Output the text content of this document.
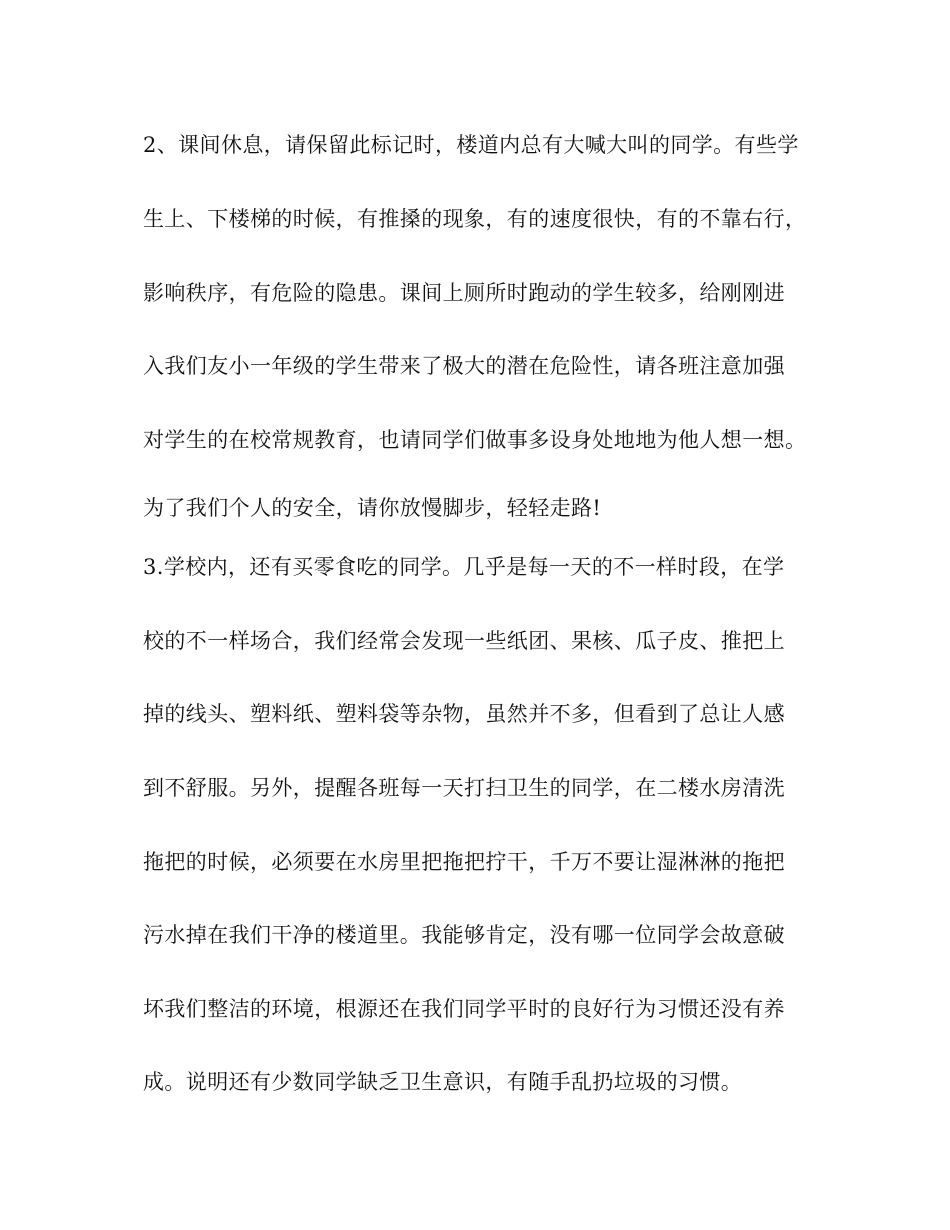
2、课间休息，请保留此标记时，楼道内总有大喊大叫的同学。有些学
生上、下楼梯的时候，有推搡的现象，有的速度很快，有的不靠右行，
影响秩序，有危险的隐患。课间上厕所时跑动的学生较多，给刚刚进
入我们友小一年级的学生带来了极大的潜在危险性，请各班注意加强
对学生的在校常规教育，也请同学们做事多设身处地地为他人想一想。
为了我们个人的安全，请你放慢脚步，轻轻走路!
3.学校内，还有买零食吃的同学。几乎是每一天的不一样时段，在学
校的不一样场合，我们经常会发现一些纸团、果核、瓜子皮、推把上
掉的线头、塑料纸、塑料袋等杂物，虽然并不多，但看到了总让人感
到不舒服。另外，提醒各班每一天打扫卫生的同学，在二楼水房清洗
拖把的时候，必须要在水房里把拖把拧干，千万不要让湿淋淋的拖把
污水掉在我们干净的楼道里。我能够肯定，没有哪一位同学会故意破
坏我们整洁的环境，根源还在我们同学平时的良好行为习惯还没有养
成。说明还有少数同学缺乏卫生意识，有随手乱扔垃圾的习惯。
